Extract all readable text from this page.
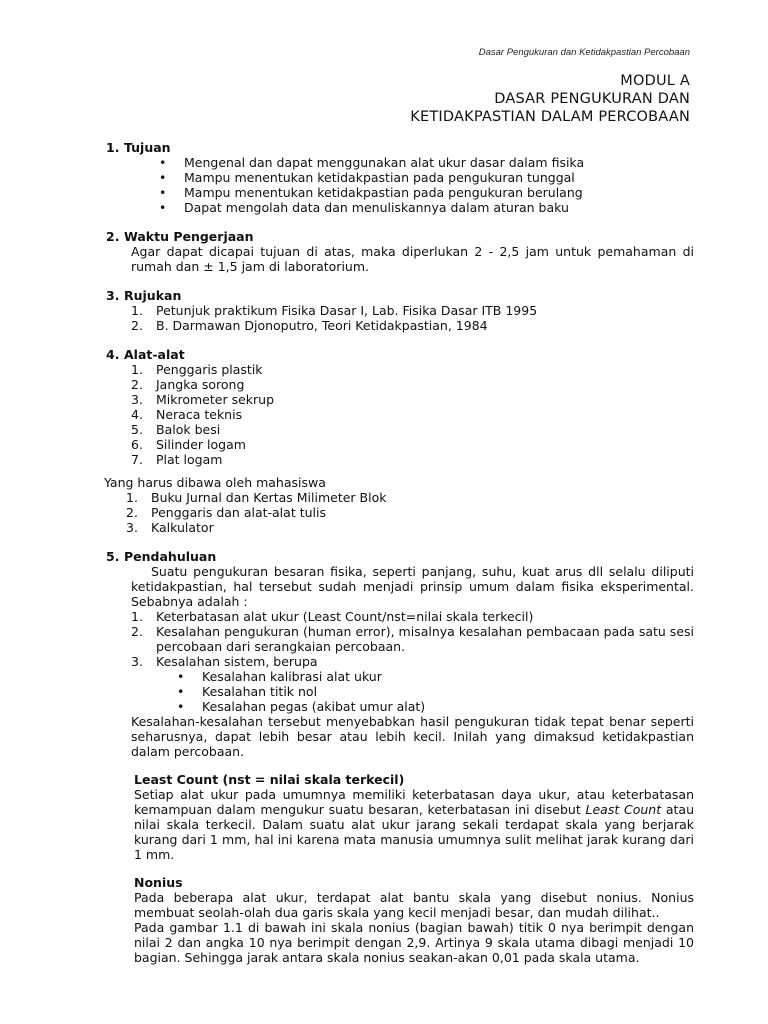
Dasar Pengukuran dan Ketidakpastian Percobaan
MODUL A
DASAR PENGUKURAN DAN
KETIDAKPASTIAN DALAM PERCOBAAN
1. Tujuan
• Mengenal dan dapat menggunakan alat ukur dasar dalam fisika
• Mampu menentukan ketidakpastian pada pengukuran tunggal
• Mampu menentukan ketidakpastian pada pengukuran berulang
• Dapat mengolah data dan menuliskannya dalam aturan baku
2. Waktu Pengerjaan
Agar dapat dicapai tujuan di atas, maka diperlukan 2 - 2,5 jam untuk pemahaman di rumah dan ± 1,5 jam di laboratorium.
3. Rujukan
1. Petunjuk praktikum Fisika Dasar I, Lab. Fisika Dasar ITB 1995
2. B. Darmawan Djonoputro, Teori Ketidakpastian, 1984
4. Alat-alat
1. Penggaris plastik
2. Jangka sorong
3. Mikrometer sekrup
4. Neraca teknis
5. Balok besi
6. Silinder logam
7. Plat logam
Yang harus dibawa oleh mahasiswa
1. Buku Jurnal dan Kertas Milimeter Blok
2. Penggaris dan alat-alat tulis
3. Kalkulator
5. Pendahuluan
Suatu pengukuran besaran fisika, seperti panjang, suhu, kuat arus dll selalu diliputi ketidakpastian, hal tersebut sudah menjadi prinsip umum dalam fisika eksperimental. Sebabnya adalah :
1. Keterbatasan alat ukur (Least Count/nst=nilai skala terkecil)
2. Kesalahan pengukuran (human error), misalnya kesalahan pembacaan pada satu sesi percobaan dari serangkaian percobaan.
3. Kesalahan sistem, berupa
• Kesalahan kalibrasi alat ukur
• Kesalahan titik nol
• Kesalahan pegas (akibat umur alat)
Kesalahan-kesalahan tersebut menyebabkan hasil pengukuran tidak tepat benar seperti seharusnya, dapat lebih besar atau lebih kecil. Inilah yang dimaksud ketidakpastian dalam percobaan.
Least Count (nst = nilai skala terkecil)
Setiap alat ukur pada umumnya memiliki keterbatasan daya ukur, atau keterbatasan kemampuan dalam mengukur suatu besaran, keterbatasan ini disebut Least Count atau nilai skala terkecil. Dalam suatu alat ukur jarang sekali terdapat skala yang berjarak kurang dari 1 mm, hal ini karena mata manusia umumnya sulit melihat jarak kurang dari 1 mm.
Nonius
Pada beberapa alat ukur, terdapat alat bantu skala yang disebut nonius. Nonius membuat seolah-olah dua garis skala yang kecil menjadi besar, dan mudah dilihat..
Pada gambar 1.1 di bawah ini skala nonius (bagian bawah) titik 0 nya berimpit dengan nilai 2 dan angka 10 nya berimpit dengan 2,9. Artinya 9 skala utama dibagi menjadi 10 bagian. Sehingga jarak antara skala nonius seakan-akan 0,01 pada skala utama.
